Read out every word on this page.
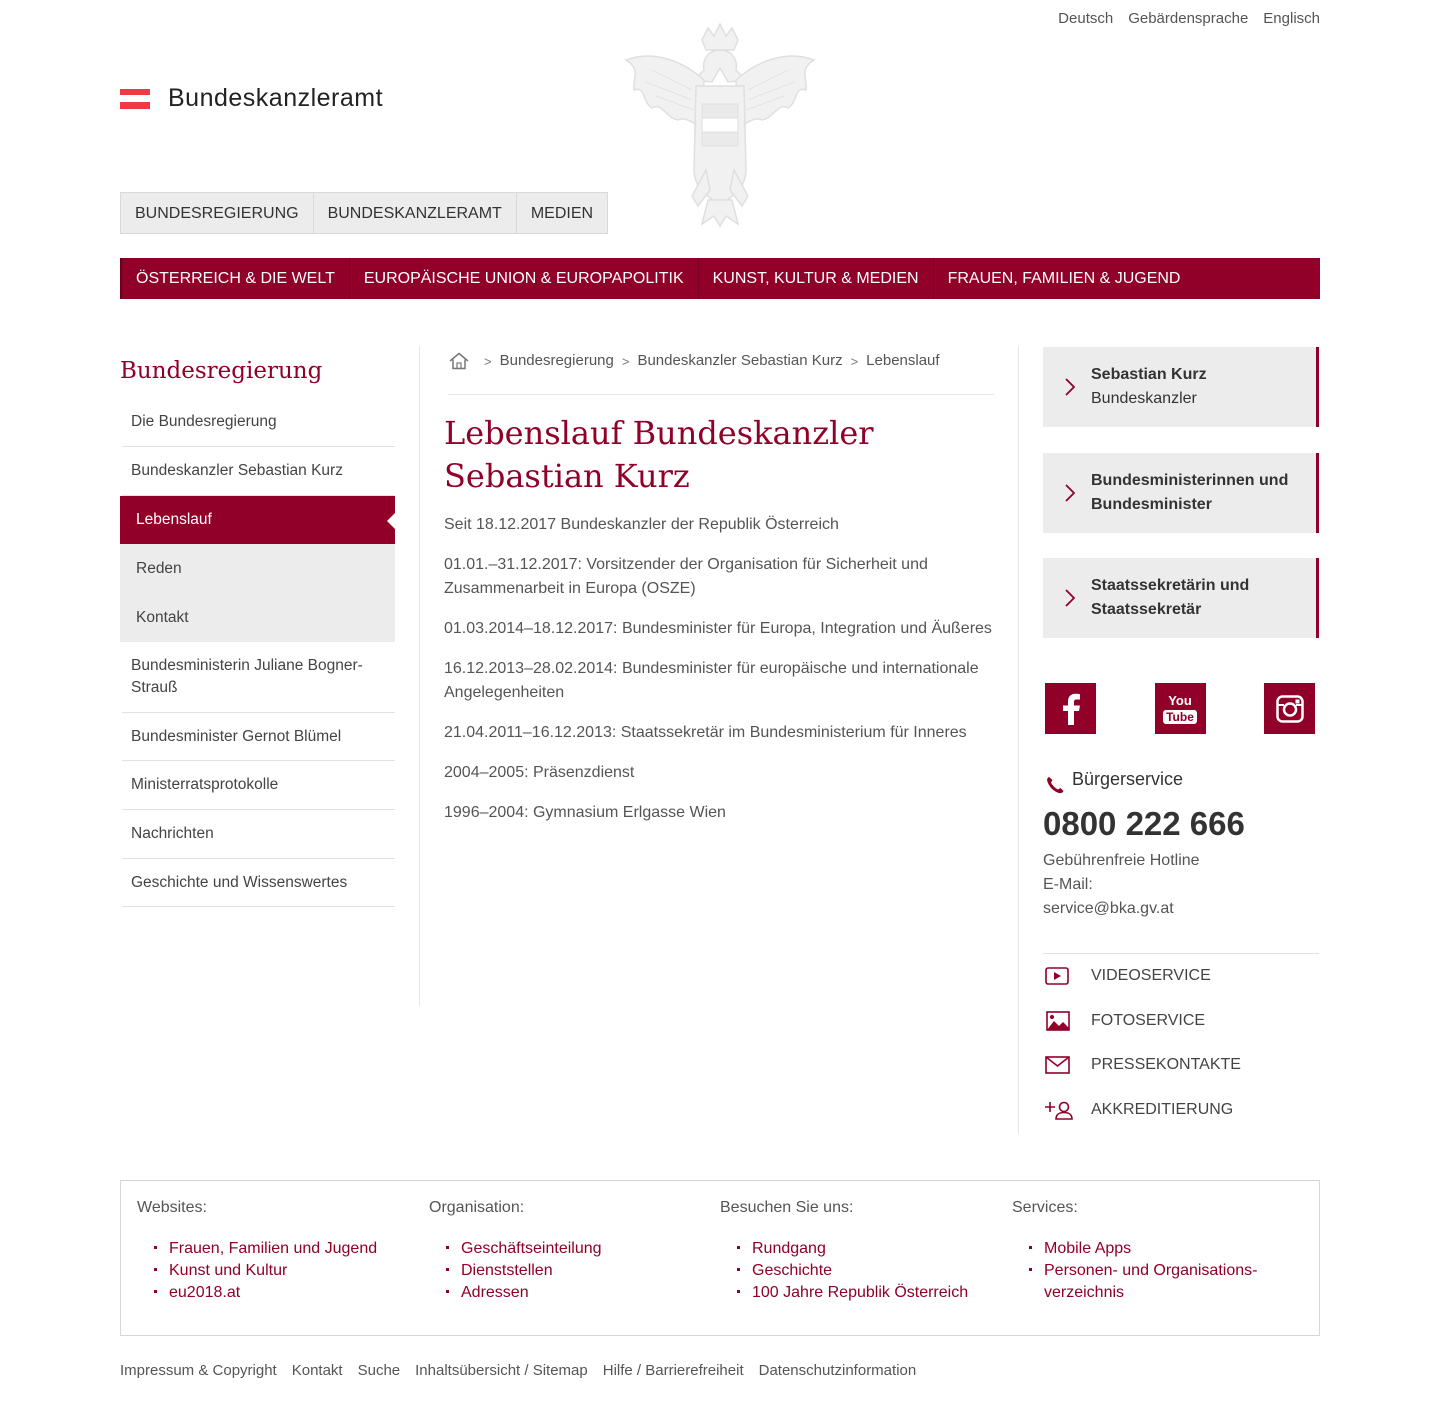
Deutsch Gebärdensprache Englisch
Bundeskanzleramt
BUNDESREGIERUNG	BUNDESKANZLERAMT	MEDIEN
ÖSTERREICH & DIE WELT	EUROPÄISCHE UNION & EUROPAPOLITIK	KUNST, KULTUR & MEDIEN	FRAUEN, FAMILIEN & JUGEND
Bundesregierung
Die Bundesregierung
Bundeskanzler Sebastian Kurz
Lebenslauf
Reden
Kontakt
Bundesministerin Juliane Bogner-Strauß
Bundesminister Gernot Blümel
Ministerratsprotokolle
Nachrichten
Geschichte und Wissenswertes
> Bundesregierung > Bundeskanzler Sebastian Kurz > Lebenslauf
Lebenslauf Bundeskanzler Sebastian Kurz

Seit 18.12.2017 Bundeskanzler der Republik Österreich

01.01.–31.12.2017: Vorsitzender der Organisation für Sicherheit und Zusammenarbeit in Europa (OSZE)

01.03.2014–18.12.2017: Bundesminister für Europa, Integration und Äußeres

16.12.2013–28.02.2014: Bundesminister für europäische und internationale Angelegenheiten

21.04.2011–16.12.2013: Staatssekretär im Bundesministerium für Inneres

2004–2005: Präsenzdienst

1996–2004: Gymnasium Erlgasse Wien

Sebastian Kurz
Bundeskanzler
Bundesministerinnen und Bundesminister
Staatssekretärin und Staatssekretär
You
Tube
Bürgerservice
0800 222 666
Gebührenfreie Hotline
E-Mail:
service@bka.gv.at
VIDEOSERVICE
FOTOSERVICE
PRESSEKONTAKTE
AKKREDITIERUNG
Websites:
Frauen, Familien und Jugend
Kunst und Kultur
eu2018.at
Organisation:
Geschäftseinteilung
Dienststellen
Adressen
Besuchen Sie uns:
Rundgang
Geschichte
100 Jahre Republik Österreich
Services:
Mobile Apps
Personen- und Organisations-verzeichnis
Impressum & Copyright Kontakt Suche Inhaltsübersicht / Sitemap Hilfe / Barrierefreiheit Datenschutzinformation
